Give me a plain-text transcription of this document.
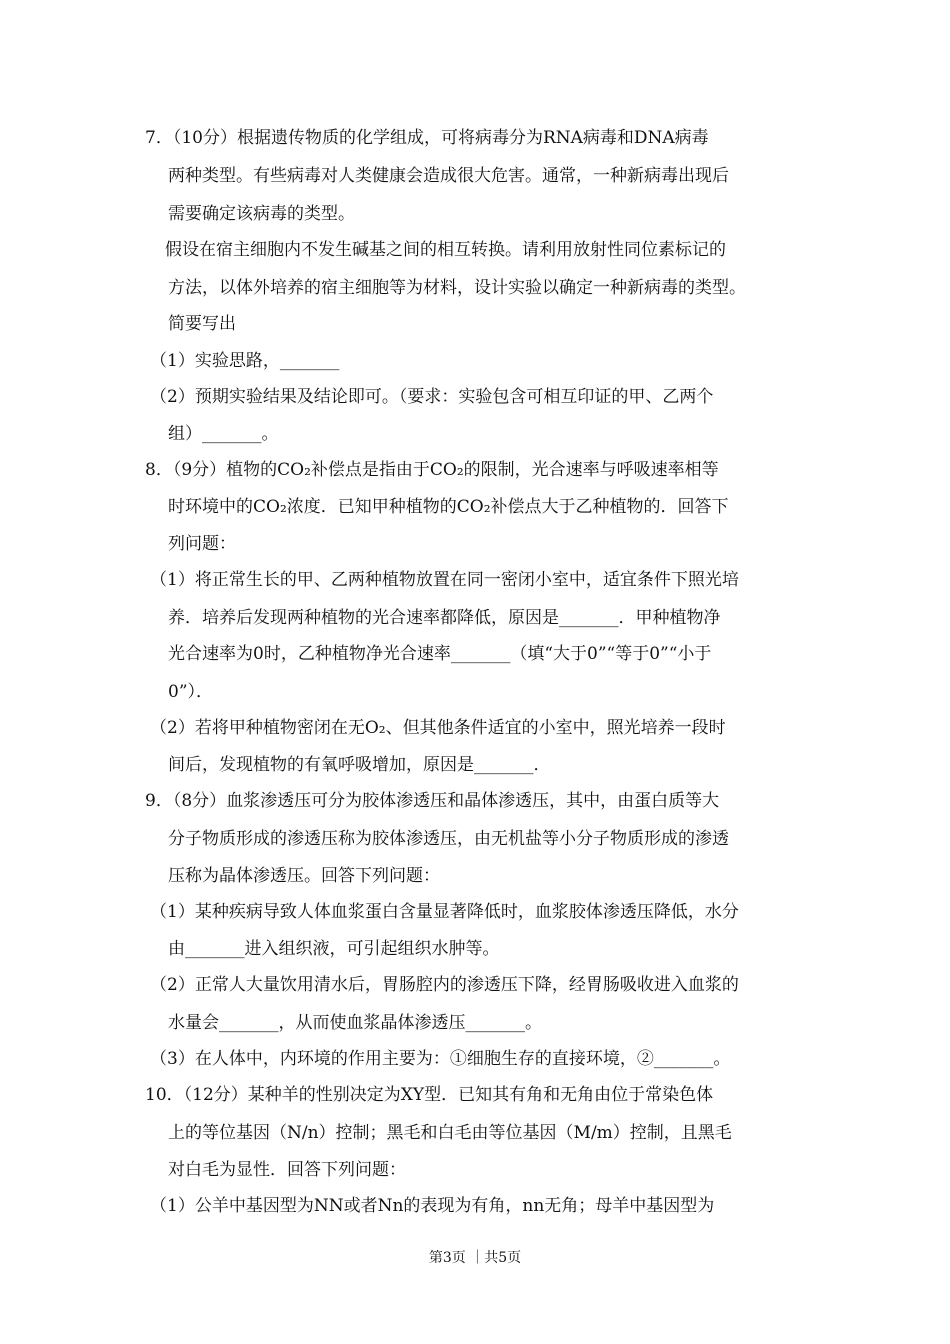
7．（10分）根据遗传物质的化学组成，可将病毒分为RNA病毒和DNA病毒
两种类型。有些病毒对人类健康会造成很大危害。通常，一种新病毒出现后
需要确定该病毒的类型。
假设在宿主细胞内不发生碱基之间的相互转换。请利用放射性同位素标记的
方法，以体外培养的宿主细胞等为材料，设计实验以确定一种新病毒的类型。
简要写出
（1）实验思路，_______
（2）预期实验结果及结论即可。（要求：实验包含可相互印证的甲、乙两个
组）_______。
8．（9分）植物的CO₂补偿点是指由于CO₂的限制，光合速率与呼吸速率相等
时环境中的CO₂浓度．已知甲种植物的CO₂补偿点大于乙种植物的．回答下
列问题：
（1）将正常生长的甲、乙两种植物放置在同一密闭小室中，适宜条件下照光培
养．培养后发现两种植物的光合速率都降低，原因是_______．甲种植物净
光合速率为0时，乙种植物净光合速率_______（填“大于0”“等于0”“小于
0”）．
（2）若将甲种植物密闭在无O₂、但其他条件适宜的小室中，照光培养一段时
间后，发现植物的有氧呼吸增加，原因是_______．
9．（8分）血浆渗透压可分为胶体渗透压和晶体渗透压，其中，由蛋白质等大
分子物质形成的渗透压称为胶体渗透压，由无机盐等小分子物质形成的渗透
压称为晶体渗透压。回答下列问题：
（1）某种疾病导致人体血浆蛋白含量显著降低时，血浆胶体渗透压降低，水分
由_______进入组织液，可引起组织水肿等。
（2）正常人大量饮用清水后，胃肠腔内的渗透压下降，经胃肠吸收进入血浆的
水量会_______，从而使血浆晶体渗透压_______。
（3）在人体中，内环境的作用主要为：①细胞生存的直接环境，②_______。
10．（12分）某种羊的性别决定为XY型．已知其有角和无角由位于常染色体
上的等位基因（N/n）控制；黑毛和白毛由等位基因（M/m）控制，且黑毛
对白毛为显性．回答下列问题：
（1）公羊中基因型为NN或者Nn的表现为有角，nn无角；母羊中基因型为
第3页 ｜共5页
